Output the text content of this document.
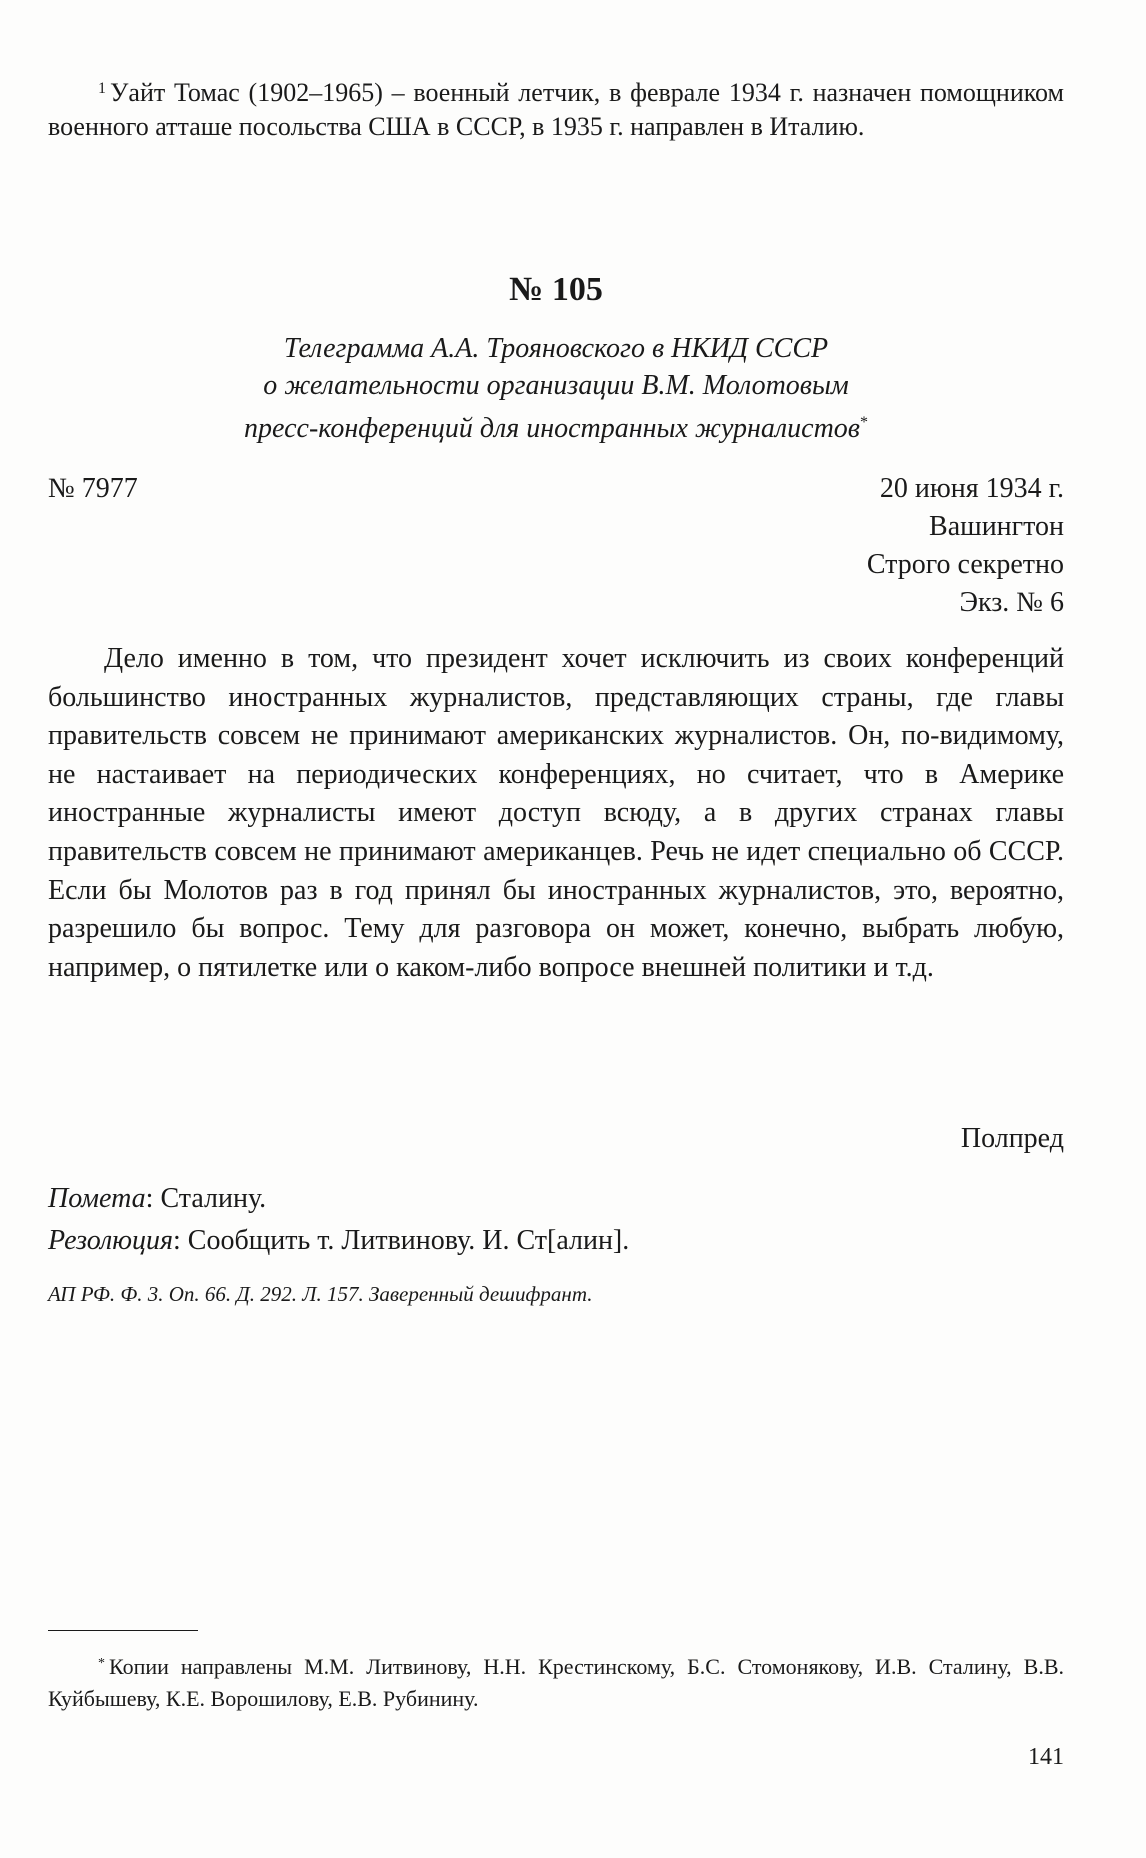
$^1$ Уайт Томас (1902–1965) – военный летчик, в феврале 1934 г. назначен помощником военного атташе посольства США в СССР, в 1935 г. направлен в Италию.
№ 105
Телеграмма А.А. Трояновского в НКИД СССР
о желательности организации В.М. Молотовым
пресс-конференций для иностранных журналистов*
№ 7977	20 июня 1934 г.
Вашингтон
Строго секретно
Экз. № 6
Дело именно в том, что президент хочет исключить из своих конференций большинство иностранных журналистов, представляющих страны, где главы правительств совсем не принимают американских журналистов. Он, по-видимому, не настаивает на периодических конференциях, но считает, что в Америке иностранные журналисты имеют доступ всюду, а в других странах главы правительств совсем не принимают американцев. Речь не идет специально об СССР. Если бы Молотов раз в год принял бы иностранных журналистов, это, вероятно, разрешило бы вопрос. Тему для разговора он может, конечно, выбрать любую, например, о пятилетке или о каком-либо вопросе внешней политики и т.д.
Полпред
Помета: Сталину.
Резолюция: Сообщить т. Литвинову. И. Ст[алин].
АП РФ. Ф. 3. Оп. 66. Д. 292. Л. 157. Заверенный дешифрант.
* Копии направлены М.М. Литвинову, Н.Н. Крестинскому, Б.С. Стомонякову, И.В. Сталину, В.В. Куйбышеву, К.Е. Ворошилову, Е.В. Рубинину.
141
